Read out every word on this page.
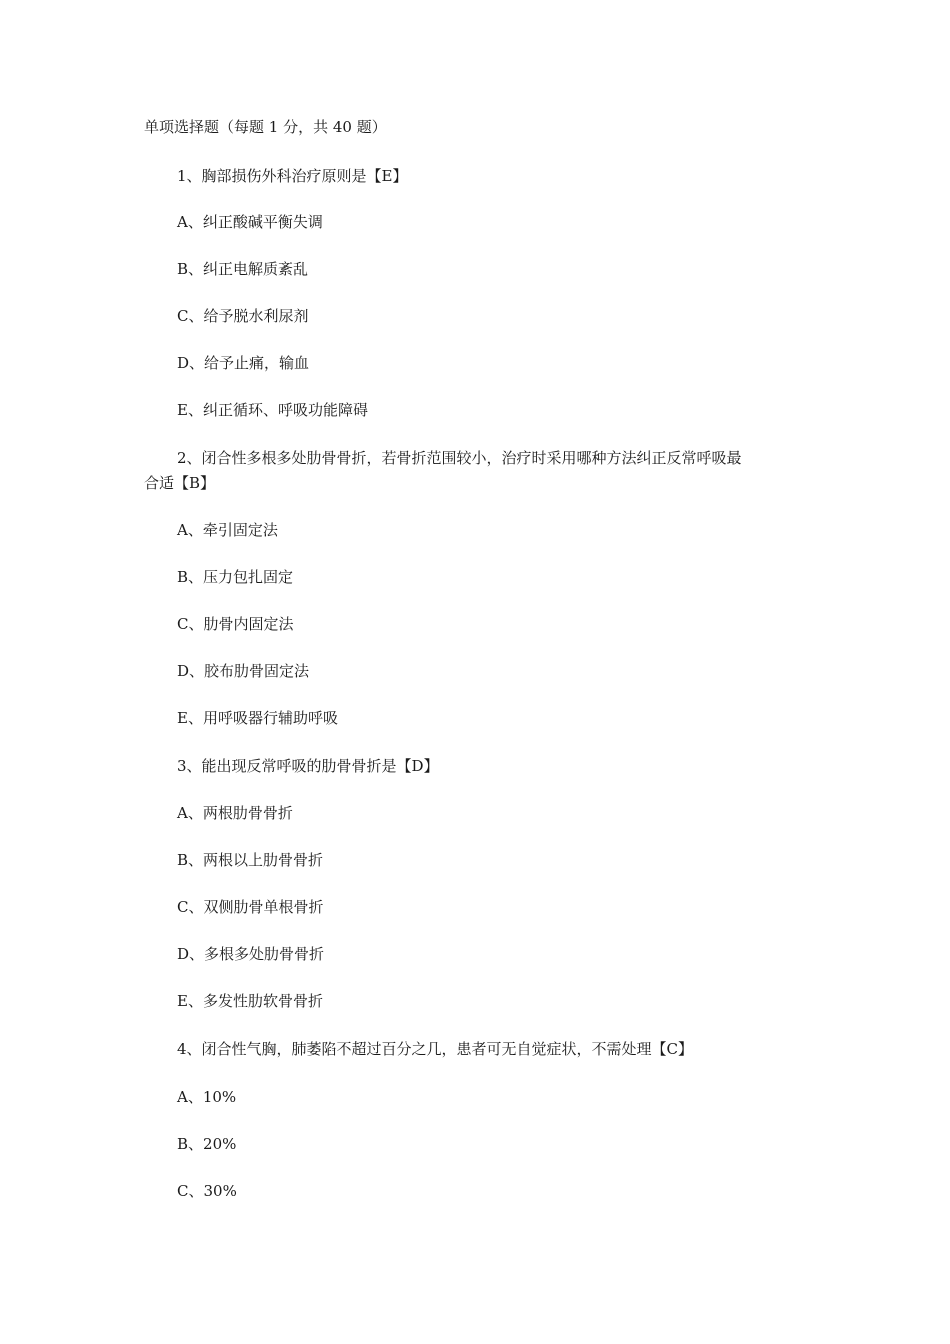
单项选择题（每题 1 分，共 40 题）
1、胸部损伤外科治疗原则是【E】
A、纠正酸碱平衡失调
B、纠正电解质紊乱
C、给予脱水利尿剂
D、给予止痛，输血
E、纠正循环、呼吸功能障碍
2、闭合性多根多处肋骨骨折，若骨折范围较小，治疗时采用哪种方法纠正反常呼吸最
合适【B】
A、牵引固定法
B、压力包扎固定
C、肋骨内固定法
D、胶布肋骨固定法
E、用呼吸器行辅助呼吸
3、能出现反常呼吸的肋骨骨折是【D】
A、两根肋骨骨折
B、两根以上肋骨骨折
C、双侧肋骨单根骨折
D、多根多处肋骨骨折
E、多发性肋软骨骨折
4、闭合性气胸，肺萎陷不超过百分之几，患者可无自觉症状，不需处理【C】
A、10%
B、20%
C、30%
